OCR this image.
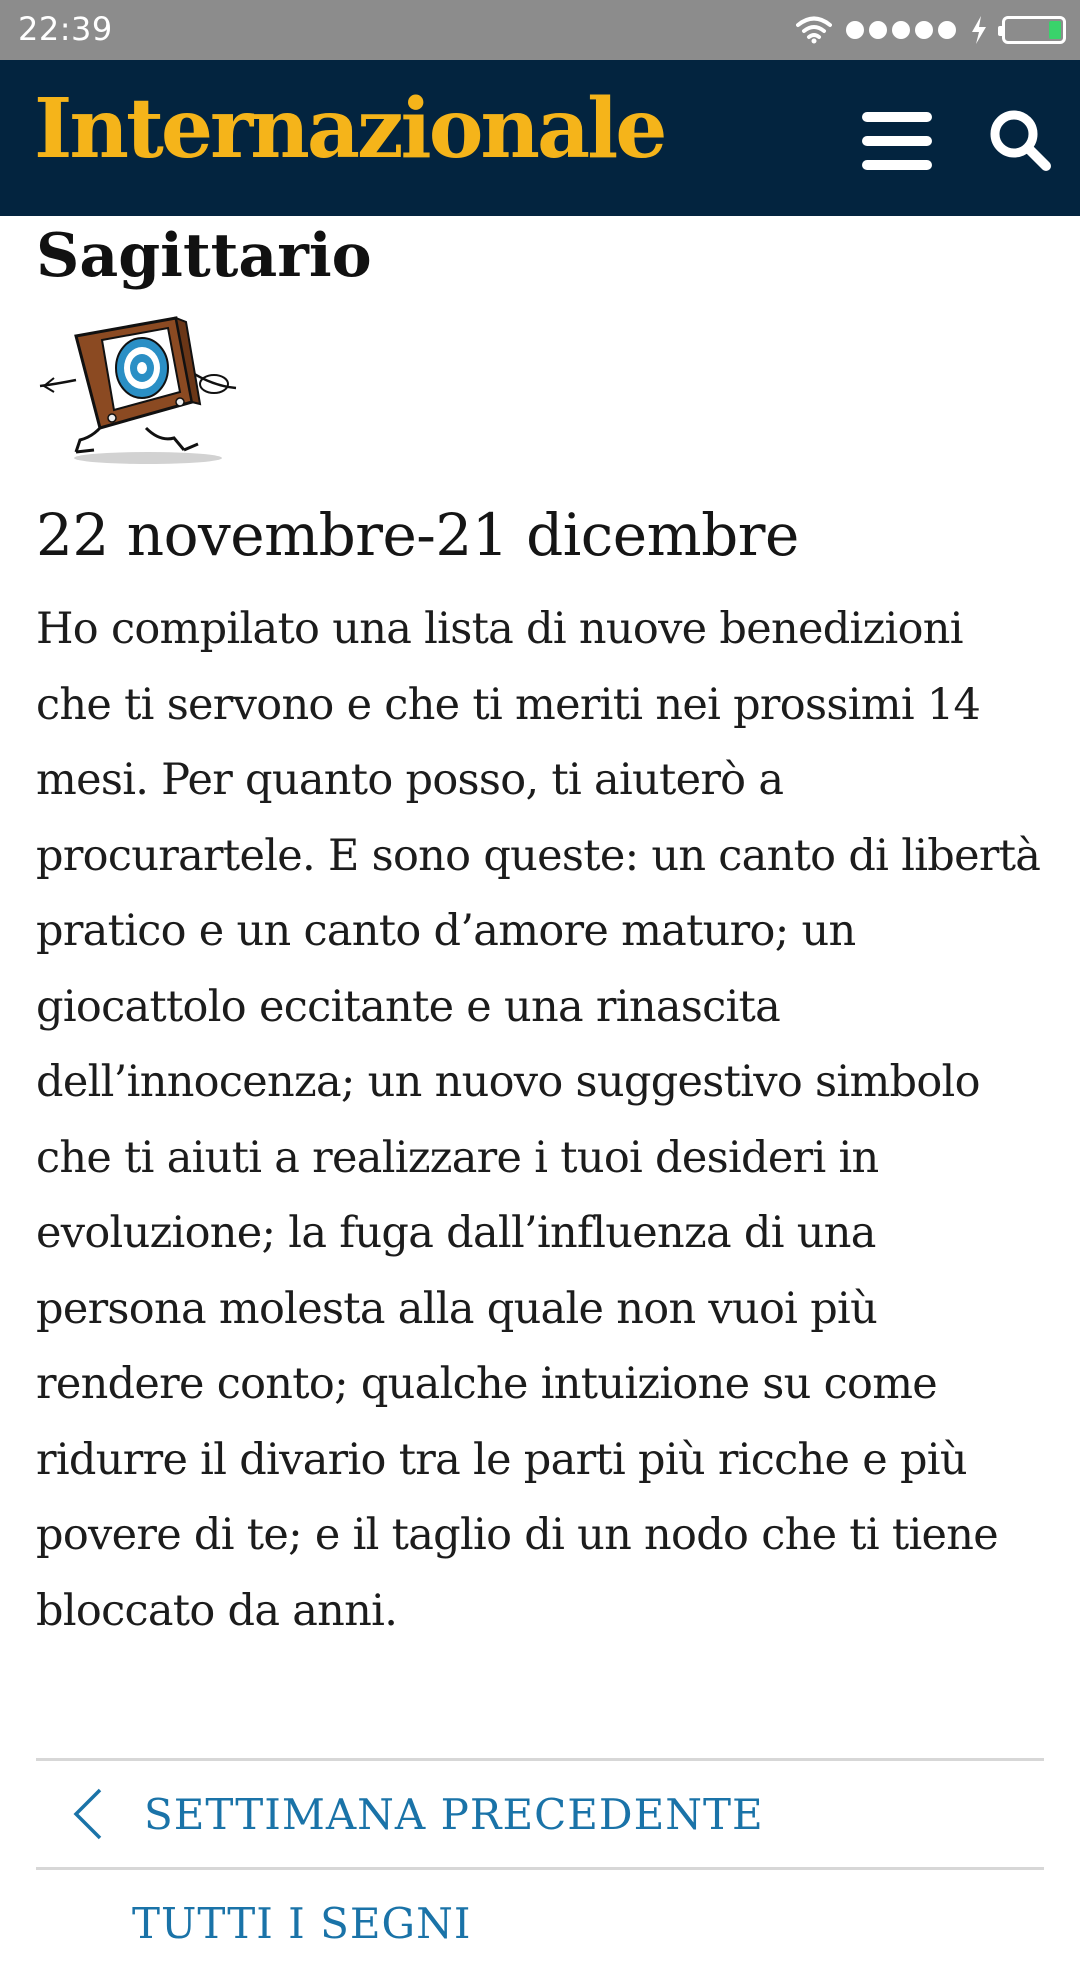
22:39
Internazionale
Sagittario
22 novembre-21 dicembre

Ho compilato una lista di nuove benedizioni che ti servono e che ti meriti nei prossimi 14 mesi. Per quanto posso, ti aiuterò a procurartele. E sono queste: un canto di libertà pratico e un canto d’amore maturo; un giocattolo eccitante e una rinascita dell’innocenza; un nuovo suggestivo simbolo che ti aiuti a realizzare i tuoi desideri in evoluzione; la fuga dall’influenza di una persona molesta alla quale non vuoi più rendere conto; qualche intuizione su come ridurre il divario tra le parti più ricche e più povere di te; e il taglio di un nodo che ti tiene bloccato da anni.

SETTIMANA PRECEDENTE
TUTTI I SEGNI
